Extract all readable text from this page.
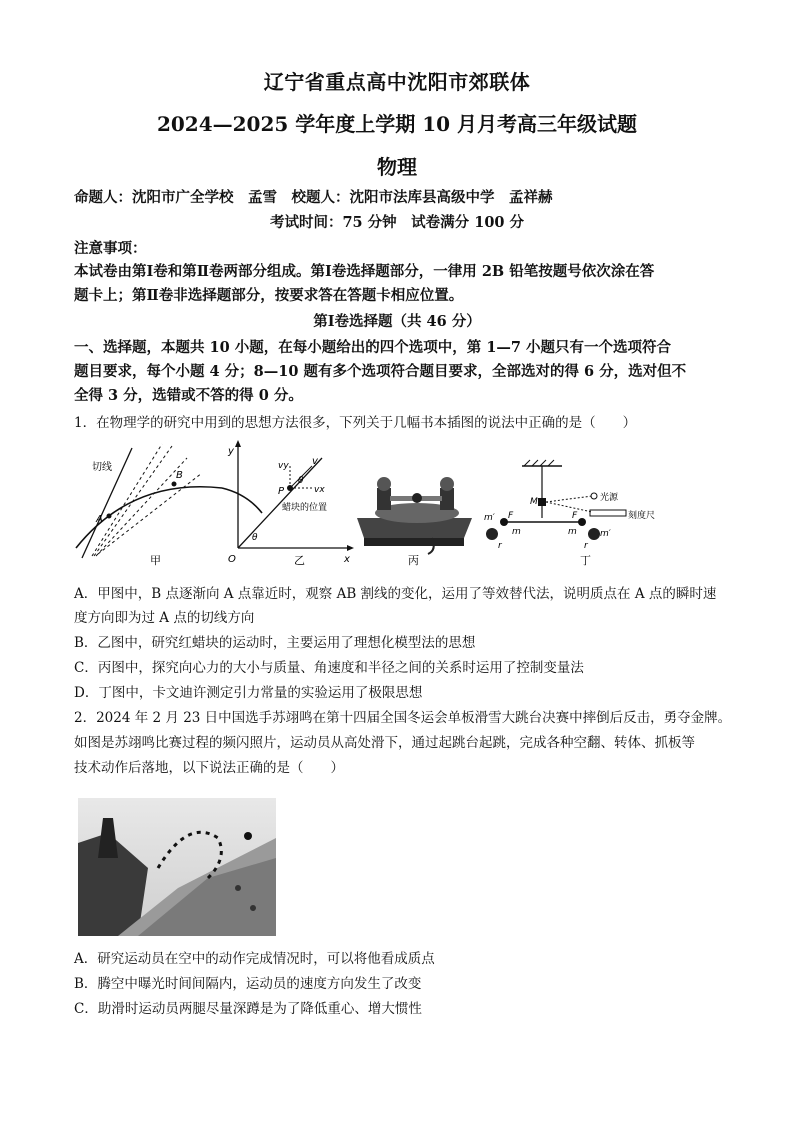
辽宁省重点高中沈阳市郊联体
2024—2025 学年度上学期 10 月月考高三年级试题
物理
命题人：沈阳市广全学校　孟雪　校题人：沈阳市法库县高级中学　孟祥赫
考试时间：75 分钟　试卷满分 100 分
注意事项：
本试卷由第Ⅰ卷和第Ⅱ卷两部分组成。第Ⅰ卷选择题部分，一律用 2B 铅笔按题号依次涂在答
题卡上；第Ⅱ卷非选择题部分，按要求答在答题卡相应位置。
第Ⅰ卷选择题（共 46 分）
一、选择题，本题共 10 小题，在每小题给出的四个选项中，第 1—7 小题只有一个选项符合
题目要求，每个小题 4 分；8—10 题有多个选项符合题目要求，全部选对的得 6 分，选对但不
全得 3 分，选错或不答的得 0 分。
1．在物理学的研究中用到的思想方法很多，下列关于几幅书本插图的说法中正确的是（　　）
切线
A
B
甲
y
x
O
P
v
vy
vx
θ
θ
蜡块的位置
乙	丙
M	光源
刻度尺
m′
m′
F	F
m	m
r	r
丁
A．甲图中，B 点逐渐向 A 点靠近时，观察 AB 割线的变化，运用了等效替代法，说明质点在 A 点的瞬时速
度方向即为过 A 点的切线方向
B．乙图中，研究红蜡块的运动时，主要运用了理想化模型法的思想
C．丙图中，探究向心力的大小与质量、角速度和半径之间的关系时运用了控制变量法
D．丁图中，卡文迪许测定引力常量的实验运用了极限思想
2．2024 年 2 月 23 日中国选手苏翊鸣在第十四届全国冬运会单板滑雪大跳台决赛中摔倒后反击，勇夺金牌。
如图是苏翊鸣比赛过程的频闪照片，运动员从高处滑下，通过起跳台起跳，完成各种空翻、转体、抓板等
技术动作后落地，以下说法正确的是（　　）
A．研究运动员在空中的动作完成情况时，可以将他看成质点
B．腾空中曝光时间间隔内，运动员的速度方向发生了改变
C．助滑时运动员两腿尽量深蹲是为了降低重心、增大惯性
